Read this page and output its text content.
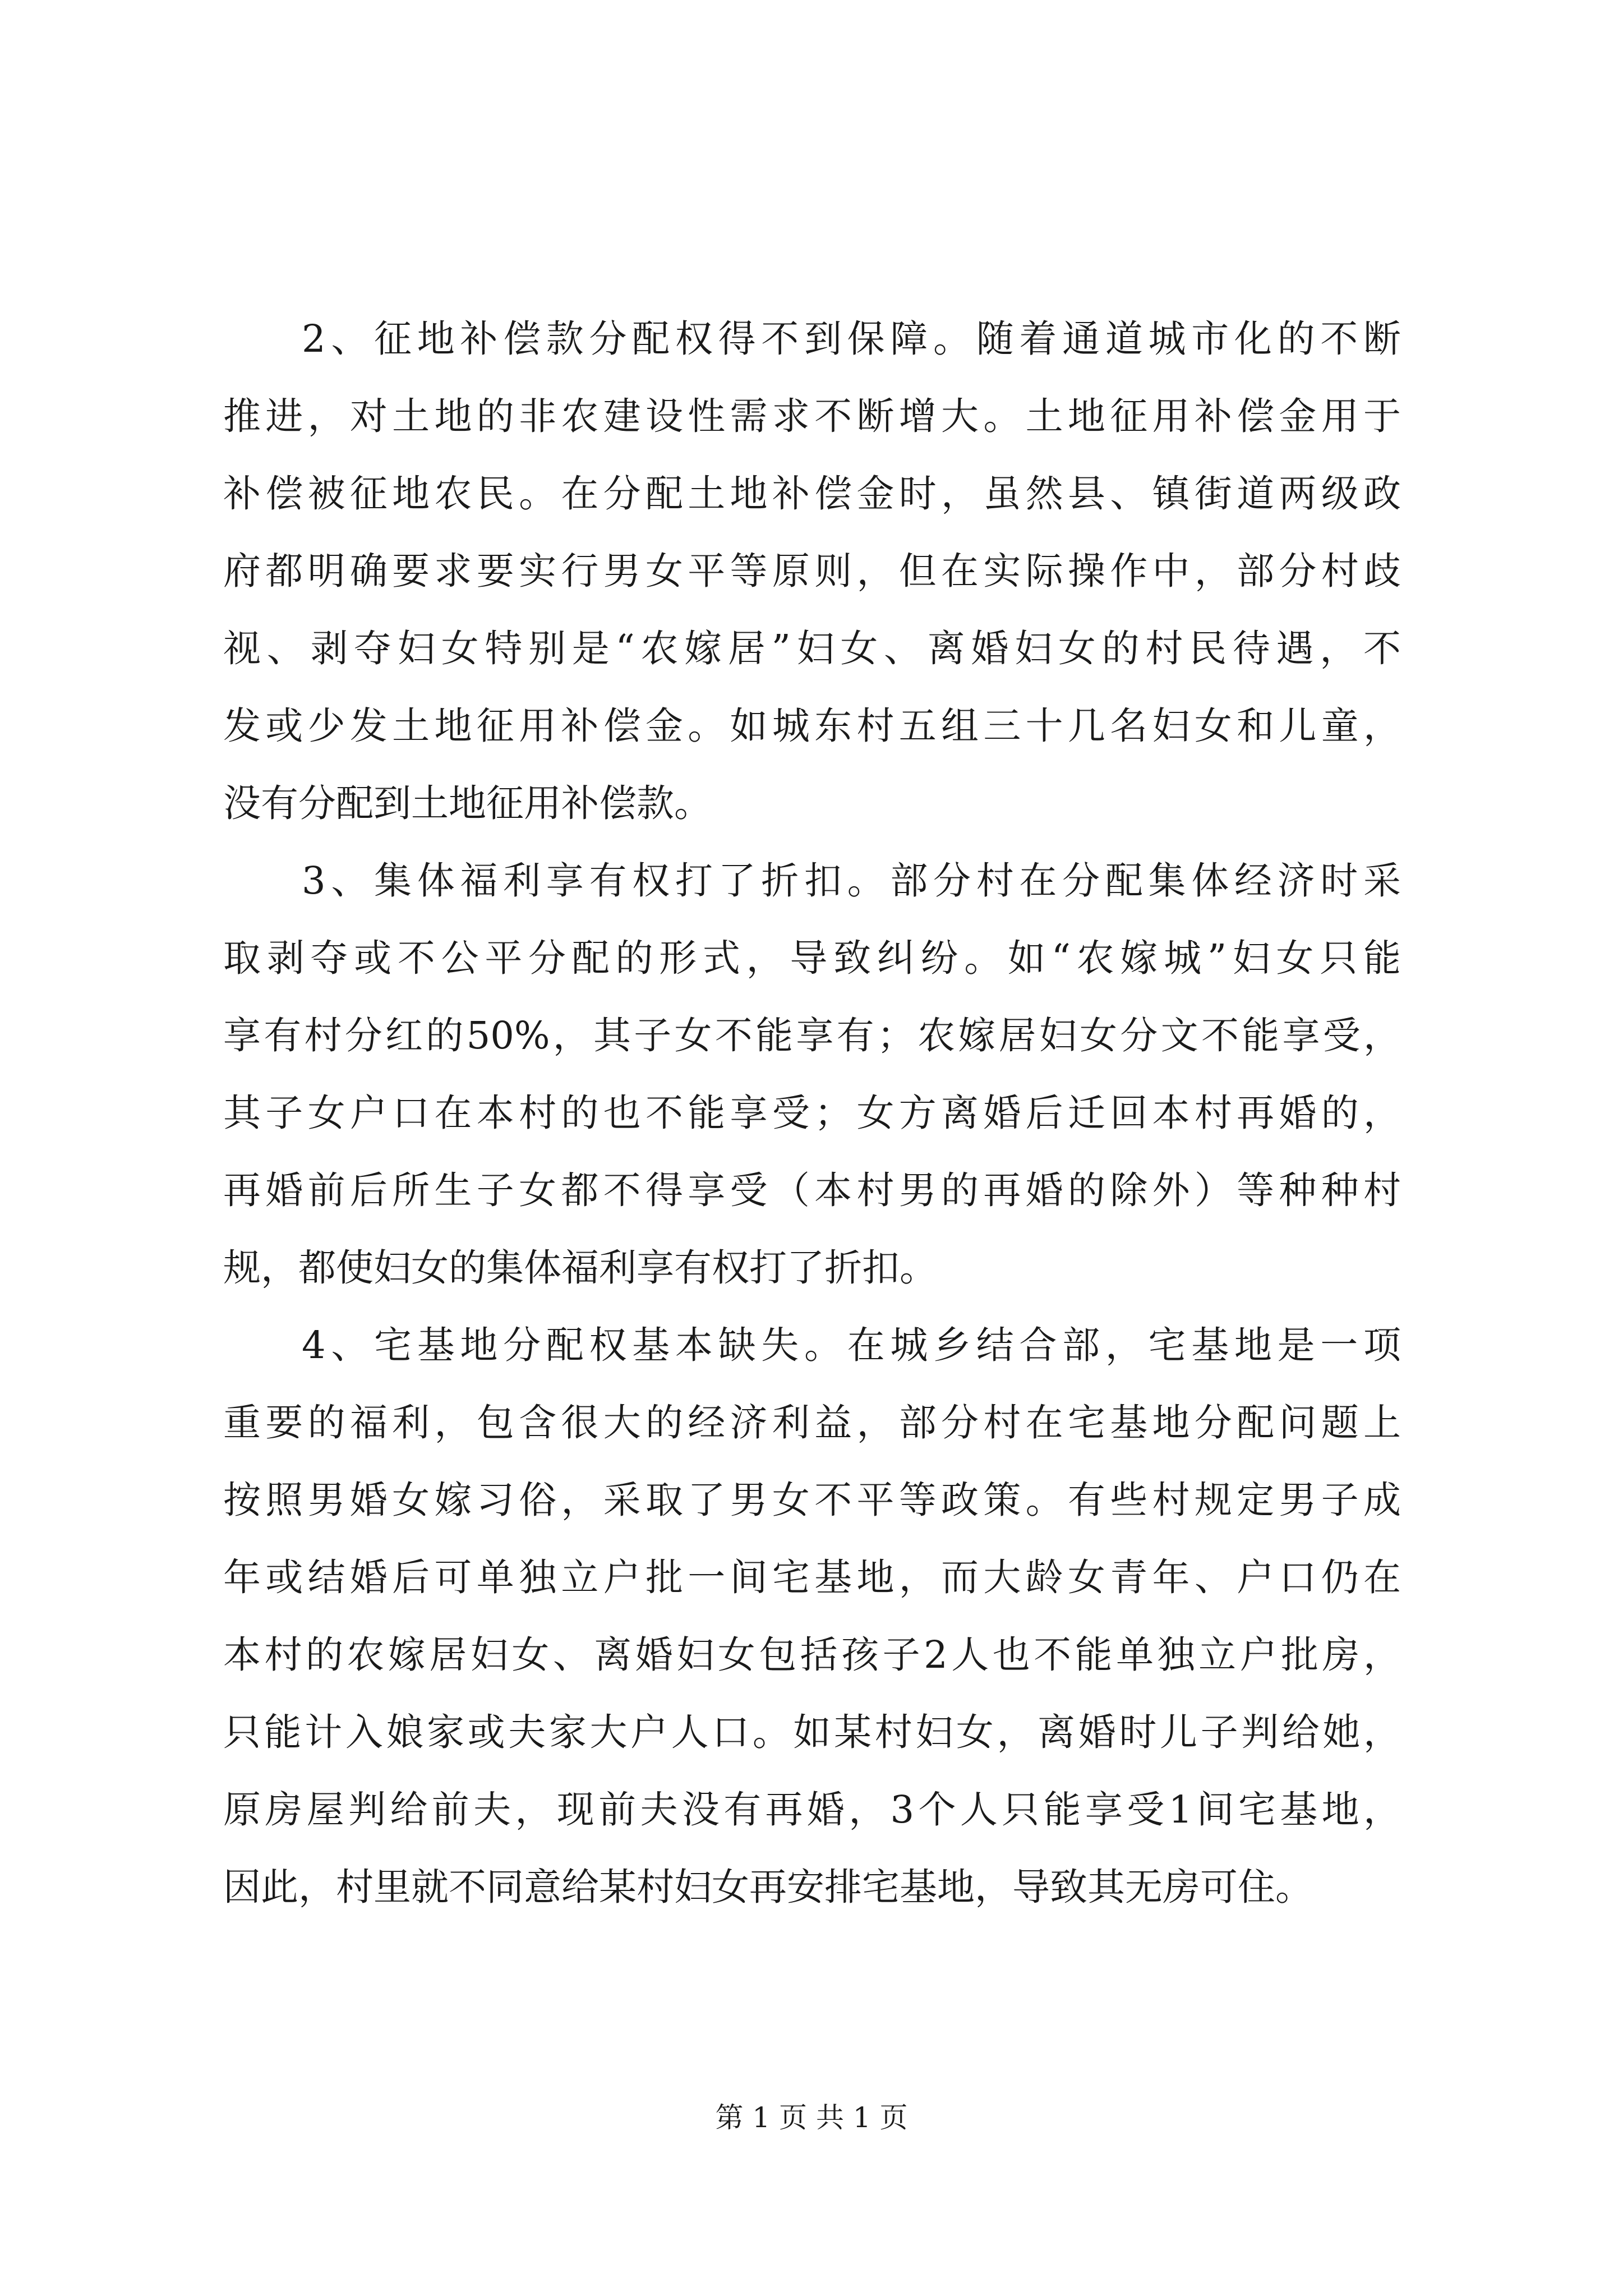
2、征地补偿款分配权得不到保障。随着通道城市化的不断
推进，对土地的非农建设性需求不断增大。土地征用补偿金用于
补偿被征地农民。在分配土地补偿金时，虽然县、镇街道两级政
府都明确要求要实行男女平等原则，但在实际操作中，部分村歧
视、剥夺妇女特别是“农嫁居”妇女、离婚妇女的村民待遇，不
发或少发土地征用补偿金。如城东村五组三十几名妇女和儿童，
没有分配到土地征用补偿款。
3、集体福利享有权打了折扣。部分村在分配集体经济时采
取剥夺或不公平分配的形式，导致纠纷。如“农嫁城”妇女只能
享有村分红的50%，其子女不能享有；农嫁居妇女分文不能享受，
其子女户口在本村的也不能享受；女方离婚后迁回本村再婚的，
再婚前后所生子女都不得享受（本村男的再婚的除外）等种种村
规，都使妇女的集体福利享有权打了折扣。
4、宅基地分配权基本缺失。在城乡结合部，宅基地是一项
重要的福利，包含很大的经济利益，部分村在宅基地分配问题上
按照男婚女嫁习俗，采取了男女不平等政策。有些村规定男子成
年或结婚后可单独立户批一间宅基地，而大龄女青年、户口仍在
本村的农嫁居妇女、离婚妇女包括孩子2人也不能单独立户批房，
只能计入娘家或夫家大户人口。如某村妇女，离婚时儿子判给她，
原房屋判给前夫，现前夫没有再婚，3个人只能享受1间宅基地，
因此，村里就不同意给某村妇女再安排宅基地，导致其无房可住。
第 1 页 共 1 页
